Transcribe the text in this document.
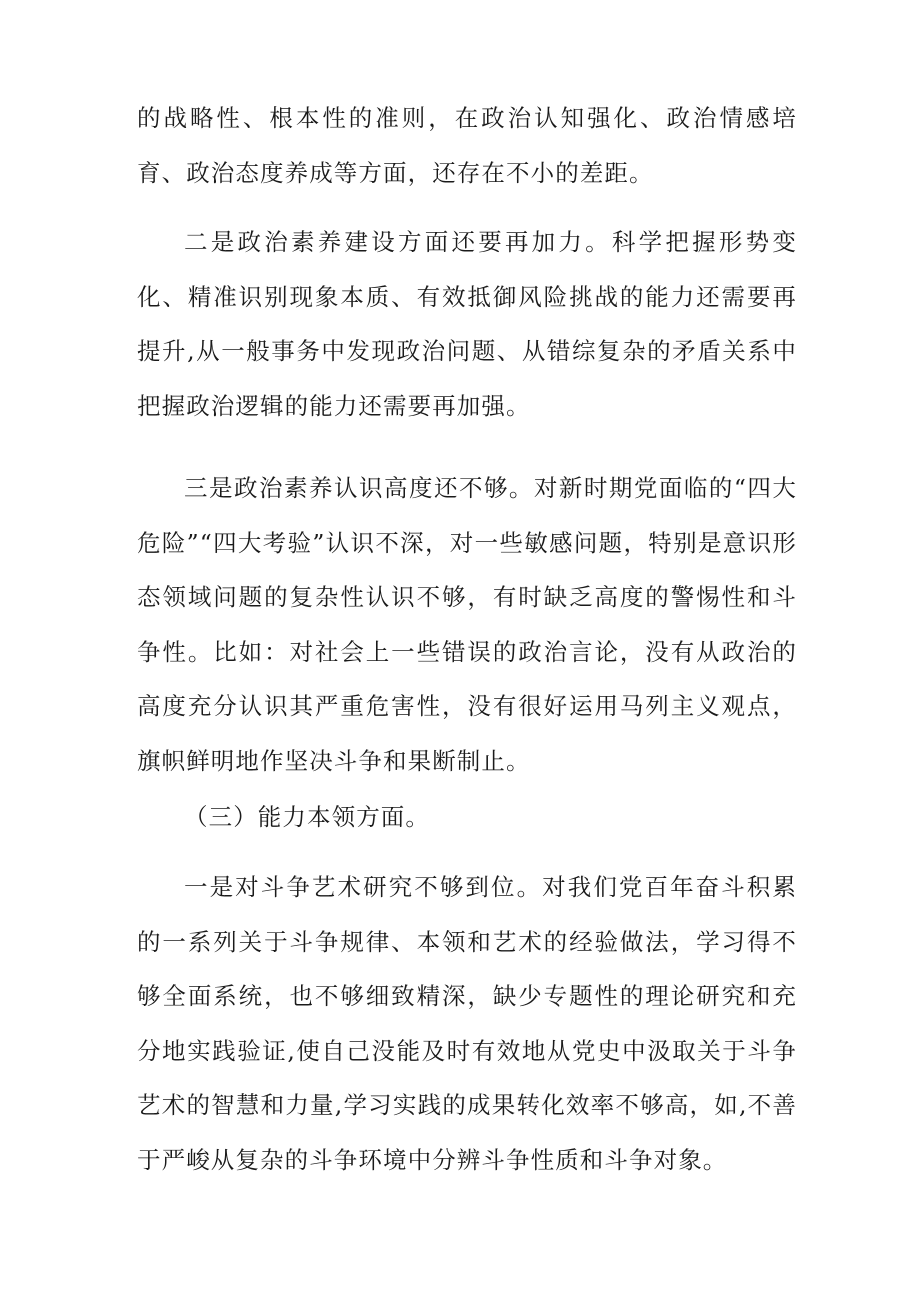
的战略性、根本性的准则，在政治认知强化、政治情感培育、政治态度养成等方面，还存在不小的差距。

二是政治素养建设方面还要再加力。科学把握形势变化、精准识别现象本质、有效抵御风险挑战的能力还需要再提升,从一般事务中发现政治问题、从错综复杂的矛盾关系中把握政治逻辑的能力还需要再加强。

三是政治素养认识高度还不够。对新时期党面临的“四大危险”“四大考验”认识不深，对一些敏感问题，特别是意识形态领域问题的复杂性认识不够，有时缺乏高度的警惕性和斗争性。比如：对社会上一些错误的政治言论，没有从政治的高度充分认识其严重危害性，没有很好运用马列主义观点，旗帜鲜明地作坚决斗争和果断制止。

（三）能力本领方面。

一是对斗争艺术研究不够到位。对我们党百年奋斗积累的一系列关于斗争规律、本领和艺术的经验做法，学习得不够全面系统，也不够细致精深，缺少专题性的理论研究和充分地实践验证,使自己没能及时有效地从党史中汲取关于斗争艺术的智慧和力量,学习实践的成果转化效率不够高，如,不善于严峻从复杂的斗争环境中分辨斗争性质和斗争对象。
